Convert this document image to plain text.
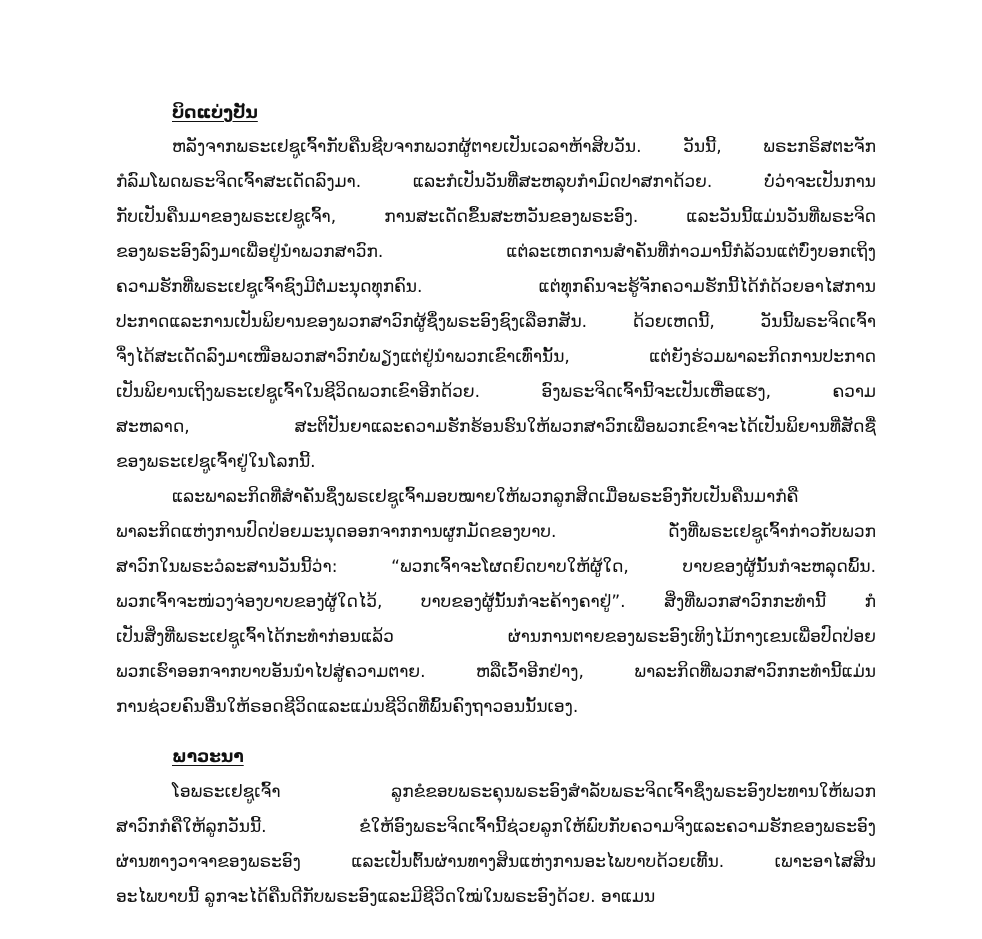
ບິດແບ່ງປັນ
ຫລັງຈາກພຣະເຢຊູເຈົ້າກັບຄືນຊີບຈາກພວກຜູ້ຕາຍເປັນເວລາຫ້າສິບວັນ. ວັນນີ້, ພຣະກຣິສຕະຈັກ
ກໍລົມໂພດພຣະຈິດເຈົ້າສະເດັດລົງມາ. ແລະກໍເປັນວັນທີ່ສະຫລຸບກໍາມົດປາສກາດ້ວຍ. ບໍ່ວ່າຈະເປັນການ
ກັບເປັນຄືນມາຂອງພຣະເຢຊູເຈົ້າ, ການສະເດັດຂຶ້ນສະຫວັນຂອງພຣະອົງ. ແລະວັນນີ້ແມ່ນວັນທີ່ພຣະຈິດ
ຂອງພຣະອົງລົງມາເພື່ອຢູ່ນໍາພວກສາວົກ. ແຕ່ລະເຫດການສໍາຄັນທີ່ກ່າວມານີ້ກໍລ້ວນແຕ່ບົ່ງບອກເຖິງ
ຄວາມຮັກທີ່ພຣະເຢຊູເຈົ້າຊົງມີຕໍ່ມະນຸດທຸກຄົນ. ແຕ່ທຸກຄົນຈະຮູ້ຈັກຄວາມຮັກນີ້ໄດ້ກໍດ້ວຍອາໄສການ
ປະກາດແລະການເປັນພິຍານຂອງພວກສາວົກຜູ້ຊຶ່ງພຣະອົງຊົງເລືອກສັນ. ດ້ວຍເຫດນີ້, ວັນນີ້ພຣະຈິດເຈົ້າ
ຈຶ່ງໄດ້ສະເດັດລົງມາເໜືອພວກສາວົກບໍ່ພຽງແຕ່ຢູ່ນໍາພວກເຂົາເທົ່ານັ້ນ, ແຕ່ຍັງຮ່ວມພາລະກິດການປະກາດ
ເປັນພິຍານເຖິງພຣະເຢຊູເຈົ້າໃນຊີວິດພວກເຂົາອີກດ້ວຍ. ອົງພຣະຈິດເຈົ້ານີ້ຈະເປັນເຫື່ອແຮງ, ຄວາມ
ສະຫລາດ, ສະຕິປັນຍາແລະຄວາມຮັກຮ້ອນຮົນໃຫ້ພວກສາວົກເພື່ອພວກເຂົາຈະໄດ້ເປັນພິຍານທີ່ສັດຊື່
ຂອງພຣະເຢຊູເຈົ້າຢູ່ໃນໂລກນີ້.
ແລະພາລະກິດທີ່ສໍາຄັນຊຶ່ງພຣເຢຊູເຈົ້າມອບໝາຍໃຫ້ພວກລູກສິດເມື່ອພຣະອົງກັບເປັນຄືນມາກໍຄື
ພາລະກິດແຫ່ງການປົດປ່ອຍມະນຸດອອກຈາກການຜູກມັດຂອງບາບ. ດັ່ງທີ່ພຣະເຢຊູເຈົ້າກ່າວກັບພວກ
ສາວົກໃນພຣະວໍລະສານວັນນີ້ວ່າ: “ພວກເຈົ້າຈະໂຜດຍົດບາບໃຫ້ຜູ້ໃດ, ບາບຂອງຜູ້ນັ້ນກໍຈະຫລຸດພົ້ນ.
ພວກເຈົ້າຈະໜ່ວງຈ່ອງບາບຂອງຜູ້ໃດໄວ້, ບາບຂອງຜູ້ນັ້ນກໍຈະຄ້າງຄາຢູ່”. ສິ່ງທີ່ພວກສາວົກກະທໍານີ້ ກໍ
ເປັນສິ່ງທີ່ພຣະເຢຊູເຈົ້າໄດ້ກະທໍາກ່ອນແລ້ວ ຜ່ານການຕາຍຂອງພຣະອົງເທິງໄມ້ກາງເຂນເພື່ອປົດປ່ອຍ
ພວກເຮົາອອກຈາກບາບອັນນໍາໄປສູ່ຄວາມຕາຍ. ຫລືເວົ້າອີກຢ່າງ, ພາລະກິດທີ່ພວກສາວົກກະທໍານີ້ແມ່ນ
ການຊ່ວຍຄົນອື່ນໃຫ້ຣອດຊີວິດແລະແມ່ນຊີວິດທີ່ພົ້ນຄົງຖາວອນນັ້ນເອງ.
ພາວະນາ
ໂອພຣະເຢຊູເຈົ້າ ລູກຂໍຂອບພຣະຄຸນພຣະອົງສໍາລັບພຣະຈິດເຈົ້າຊຶ່ງພຣະອົງປະທານໃຫ້ພວກ
ສາວົກກໍຄືໃຫ້ລູກວັນນີ້. ຂໍໃຫ້ອົງພຣະຈິດເຈົ້ານີ້ຊ່ວຍລູກໃຫ້ພົບກັບຄວາມຈິງແລະຄວາມຮັກຂອງພຣະອົງ
ຜ່ານທາງວາຈາຂອງພຣະອົງ ແລະເປັນຕົ້ນຜ່ານທາງສິນແຫ່ງການອະໄພບາບດ້ວຍເທີ້ນ. ເພາະອາໄສສິນ
ອະໄພບາບນີ້ ລູກຈະໄດ້ຄືນດີກັບພຣະອົງແລະມີຊີວິດໃໝ່ໃນພຣະອົງດ້ວຍ. ອາແມນ
